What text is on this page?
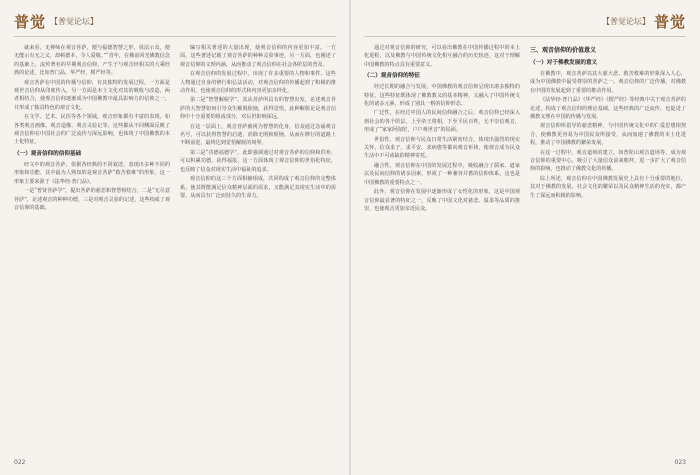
普觉 【普觉论坛】

就来看，无禅师在观音菩萨，便与福德智慧之形，说法示众，便无能示有无之义，却顿德本，令人爱敬。”“昔年，在佛前回光佛教信念的基础上，流传著名的早期观音信仰，产生于与观音经相关的大乘经典的论述，比如普门品，华严经，楞严经等。

观音菩萨在中国的传播与信仰，有其独特的发展过程。一方面是观世音信仰从印度传入，另一方面是本土文化对其的吸收与改造，两者相结合，使观音信仰逐渐成为中国佛教中最具影响力的信仰之一，并形成了独具特色的观音文化。

在文学、艺术、民俗等各个领域，观音形象都有丰富的表现，如各类观音画像、观音造像、观音灵验记等，这些都从不同侧面反映了观音信仰在中国社会的广泛流传与深远影响，也体现了中国佛教的本土化特征。

（一）观音信仰的信仰基础

经文中的观音菩萨，依据各经典的不同叙述，表现出多种不同的形象和功能，其中最为人熟知的是观音菩萨“救苦救难”的形象，这一形象主要来源于《法华经·普门品》。

一是“普贤菩萨学”，提出菩萨的慈悲和智慧相结合，二是“无尽意菩萨”，论述观音的种种功德，三是对观音灵验的记述，这些构成了观音信仰的基础。

编写相关著述的大量出现，使观音信仰的内容更加丰富。一方面，这些著述记载了观音菩萨的种种灵验事迹，另一方面，也阐述了观音信仰的义理内涵，从而推动了观音信仰在社会各阶层的普及。

在观音信仰的发展过程中，出现了许多重要的人物和事件。这些人物通过自身的修行和弘法活动，对观音信仰的传播起到了积极的推动作用，也使观音信仰的形式和内容更加多样化。

第二是“智慧解脱学”，其从菩萨所具有的智慧出发，论述观音菩萨的大智慧如何引导众生解脱烦恼，获得觉悟，此种解脱论是观音信仰中十分重要的组成部分，对后世影响深远。

在这一层面上，观音菩萨被视为智慧的化身，信众通过念诵观音名号，可以获得智慧的启迪，消除无明和烦恼，从而在修行的道路上不断前进，最终达到觉悟解脱的境界。

第三是“功德福德学”，此即强调通过对观音菩萨的信仰和供养，可以积累功德，获得福报，这一方面体现了观音信仰的世俗化特征，也反映了信众对现实生活中福祉的追求。

观音信仰的这三个方面相辅相成，共同构成了观音信仰的完整体系，使其既能满足信众精神层面的需求，又能满足其现实生活中的需要，从而具有广泛而持久的生命力。

022
【普觉论坛】 普觉

通过对观音信仰的研究，可以看出佛教在中国传播过程中的本土化进程，以及佛教与中国传统文化相互融合的历史轨迹，这对于理解中国佛教的特点具有重要意义。

（二）观音信仰的特征

经过长期的融合与发展，中国佛教的观音信仰呈现出诸多独特的特征，这些特征既体现了佛教教义的基本精神，又融入了中国传统文化的诸多元素，形成了别具一格的信仰形态。

广泛性，在经过中国人的民间信仰融合之后，观音信仰已经深入到社会的各个阶层，上至帝王将相，下至平民百姓，无不崇信观音，形成了“家家阿弥陀，户户观世音”的局面。

世俗性，观音信仰与民众日常生活紧密结合，体现出强烈的现实关怀，信众求子、求平安、求病愈等都向观音祈祷，使观音成为民众生活中不可或缺的精神寄托。

融合性，观音信仰在中国的发展过程中，吸收融合了儒家、道家以及民间信仰的诸多因素，形成了一种兼容并蓄的信仰体系，这也是中国佛教的重要特点之一。

此外，观音信仰在发展中逐渐形成了女性化的形象，这是中国观音信仰最显著的特征之一，反映了中国文化对慈悲、温柔等品质的推崇，也使观音更加亲近民众。

三、观音信仰的价值意义
（一）对于佛教发展的意义

在佛教中，观音菩萨以其大慈大悲、救苦救难的形象深入人心，成为中国佛教中最受尊崇的菩萨之一。观音信仰的广泛传播，对佛教在中国的发展起到了重要的推动作用。

《法华经·普门品》《华严经》《楞严经》等经典中关于观音菩萨的论述，构成了观音信仰的理论基础，这些经典的广泛流传，也促进了佛教义理在中国的传播与发展。

观音信仰所倡导的慈悲精神，与中国传统文化中的仁爱思想相契合，使佛教更容易为中国民众所接受，从而加速了佛教的本土化进程，推动了中国佛教的繁荣发展。

在这一过程中，观音道场的建立，如普陀山观音道场等，成为观音信仰的重要中心，吸引了大量信众前来朝拜，进一步扩大了观音信仰的影响，也推动了佛教文化的传播。

综上所述，观音信仰在中国佛教发展史上具有十分重要的地位，其对于佛教的发展、社会文化的繁荣以及民众精神生活的充实，都产生了深远而积极的影响。

023
